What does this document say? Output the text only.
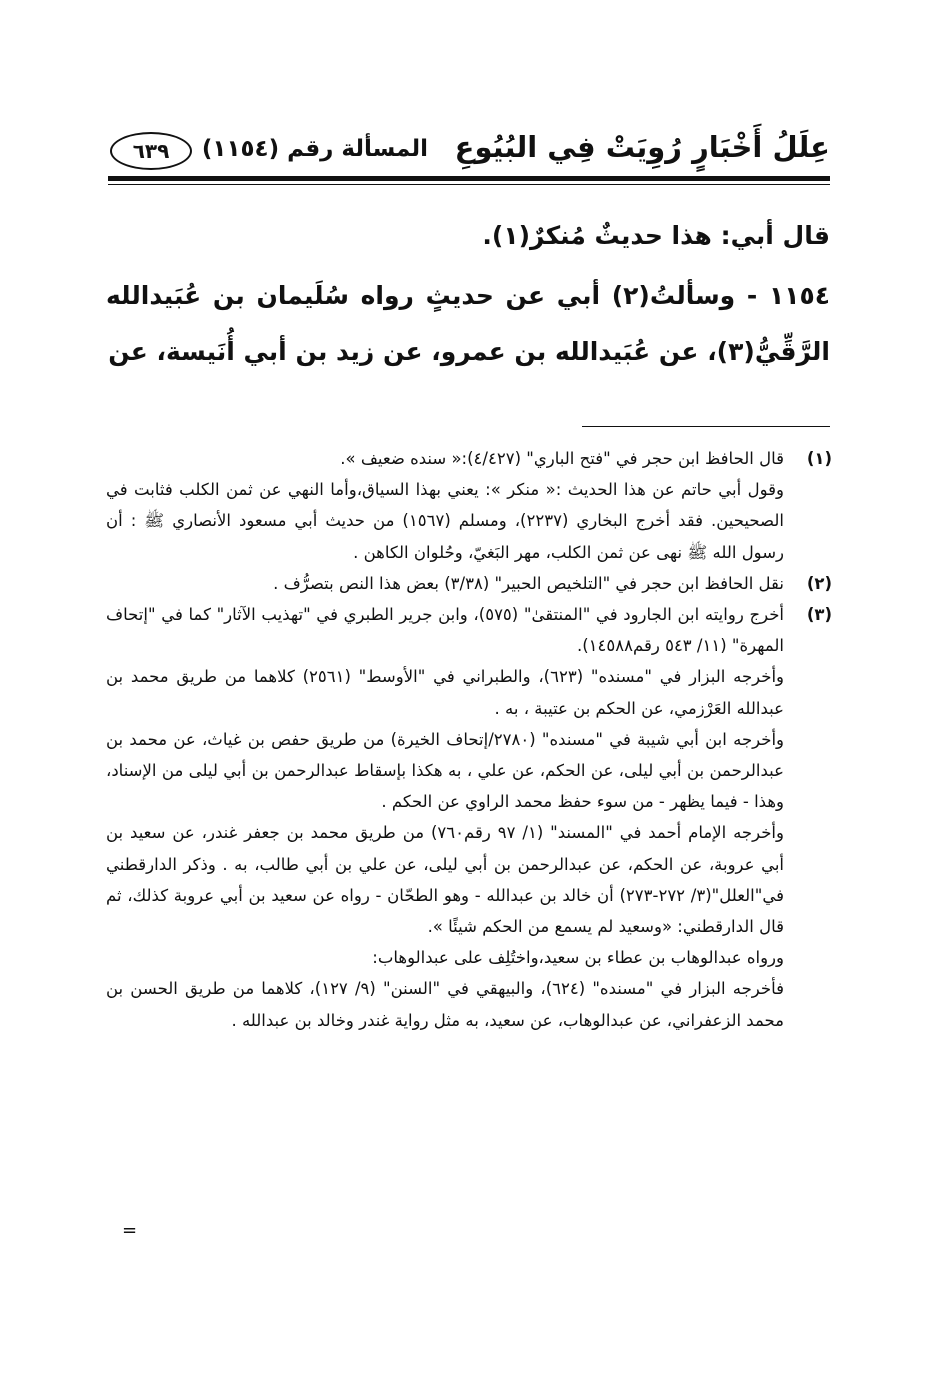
عِلَلُ أَخْبَارٍ رُوِيَتْ فِي البُيُوعِ
المسألة رقم (١١٥٤)
٦٣٩

قال أبي: هذا حديثٌ مُنكرٌ(١).

١١٥٤ - وسألتُ(٢) أبي عن حديثٍ رواه سُلَيمان بن عُبَيدالله الرَّقِّيُّ(٣)، عن عُبَيدالله بن عمرو، عن زيد بن أبي أُنَيسة، عن

(١)

قال الحافظ ابن حجر في "فتح الباري" (٤/٤٢٧):« سنده ضعيف ».

وقول أبي حاتم عن هذا الحديث :« منكر »: يعني بهذا السياق،وأما النهي عن ثمن الكلب فثابت في الصحيحين. فقد أخرج البخاري (٢٢٣٧)، ومسلم (١٥٦٧) من حديث أبي مسعود الأنصاري ﷺ : أن رسول الله ﷺ نهى عن ثمن الكلب، مهر البَغيّ، وحُلوان الكاهن .

(٢)

نقل الحافظ ابن حجر في "التلخيص الحبير" (٣/٣٨) بعض هذا النص بتصرُّف .

(٣)

أخرج روايته ابن الجارود في "المنتقىٰ" (٥٧٥)، وابن جرير الطبري في "تهذيب الآثار" كما في "إتحاف المهرة" (١١/ ٥٤٣ رقم١٤٥٨٨).

وأخرجه البزار في "مسنده" (٦٢٣)، والطبراني في "الأوسط" (٢٥٦١) كلاهما من طريق محمد بن عبدالله العَرْزمي، عن الحكم بن عتيبة ، به .

وأخرجه ابن أبي شيبة في "مسنده" (٢٧٨٠/إتحاف الخيرة) من طريق حفص بن غياث، عن محمد بن عبدالرحمن بن أبي ليلى، عن الحكم، عن علي ، به هكذا بإسقاط عبدالرحمن بن أبي ليلى من الإسناد، وهذا - فيما يظهر - من سوء حفظ محمد الراوي عن الحكم .

وأخرجه الإمام أحمد في "المسند" (١/ ٩٧ رقم٧٦٠) من طريق محمد بن جعفر غندر، عن سعيد بن أبي عروبة، عن الحكم، عن عبدالرحمن بن أبي ليلى، عن علي بن أبي طالب، به . وذكر الدارقطني في"العلل"(٣/ ٢٧٢-٢٧٣) أن خالد بن عبدالله - وهو الطحّان - رواه عن سعيد بن أبي عروبة كذلك، ثم قال الدارقطني: «وسعيد لم يسمع من الحكم شيئًا ».

ورواه عبدالوهاب بن عطاء بن سعيد،واختُلِف على عبدالوهاب:

فأخرجه البزار في "مسنده" (٦٢٤)، والبيهقي في "السنن" (٩/ ١٢٧)، كلاهما من طريق الحسن بن محمد الزعفراني، عن عبدالوهاب، عن سعيد، به مثل رواية غندر وخالد بن عبدالله .

=
